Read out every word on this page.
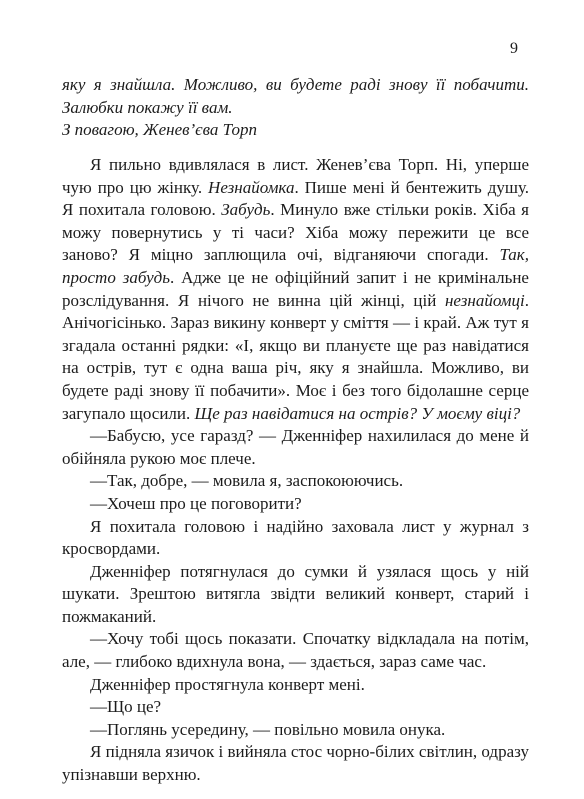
9

яку я знайшла. Можливо, ви будете раді знову її побачити. Залюбки покажу її вам.

З повагою, Женев’єва Торп

Я пильно вдивлялася в лист. Женев’єва Торп. Ні, уперше чую про цю жінку. Незнайомка. Пише мені й бентежить душу. Я похитала головою. Забудь. Минуло вже стільки років. Хіба я можу повернутись у ті часи? Хіба можу пережити це все заново? Я міцно заплющила очі, відганяючи спогади. Так, просто забудь. Адже це не офіційний запит і не кримінальне розслідування. Я нічого не винна цій жінці, цій незнайомці. Анічогісінько. Зараз викину конверт у сміття — і край. Аж тут я згадала останні рядки: «І, якщо ви плануєте ще раз навідатися на острів, тут є одна ваша річ, яку я знайшла. Можливо, ви будете раді знову її побачити». Моє і без того бідолашне серце загупало щосили. Ще раз навідатися на острів? У моєму віці?

—Бабусю, усе гаразд? — Дженніфер нахилилася до мене й обійняла рукою моє плече.

—Так, добре, — мовила я, заспокоюючись.

—Хочеш про це поговорити?

Я похитала головою і надійно заховала лист у журнал з кросвордами.

Дженніфер потягнулася до сумки й узялася щось у ній шукати. Зрештою витягла звідти великий конверт, старий і пожмаканий.

—Хочу тобі щось показати. Спочатку відкладала на потім, але, — глибоко вдихнула вона, — здається, зараз саме час.

Дженніфер простягнула конверт мені.

—Що це?

—Поглянь усередину, — повільно мовила онука.

Я підняла язичок і вийняла стос чорно-білих світлин, одразу упізнавши верхню.
